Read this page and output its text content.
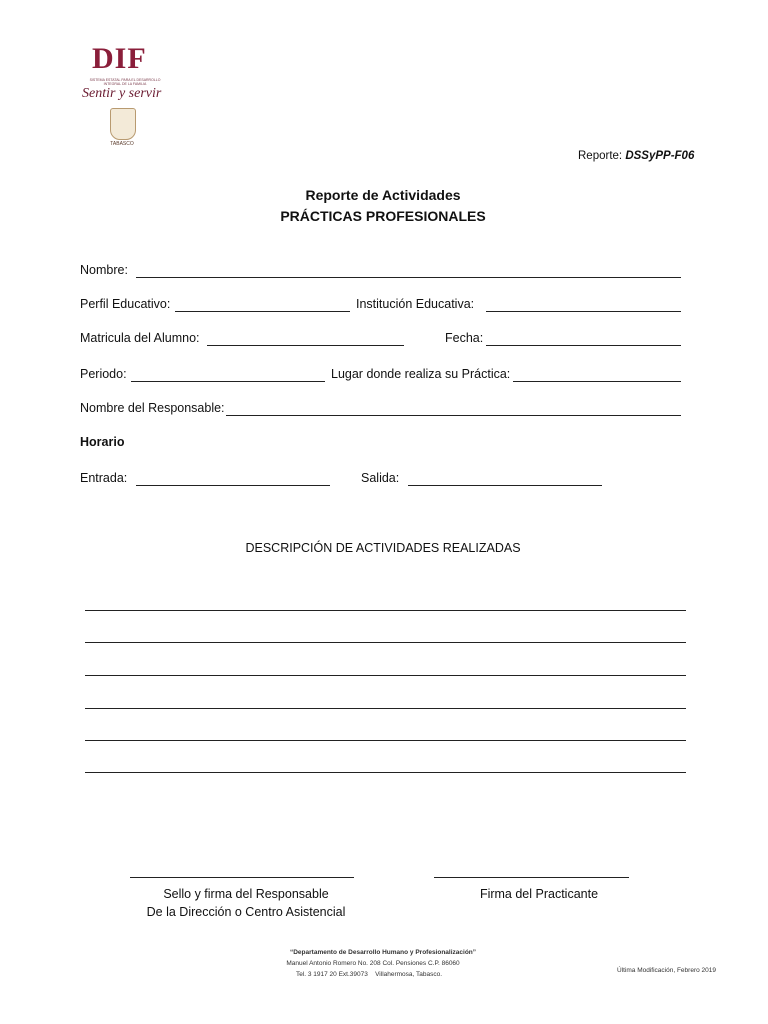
DIF
SISTEMA ESTATAL PARA EL DESARROLLO INTEGRAL DE LA FAMILIA
Sentir y servir
TABASCO
Reporte: DSSyPP-F06
Reporte de Actividades
PRÁCTICAS PROFESIONALES
Nombre:
Perfil Educativo:	Institución Educativa:
Matricula del Alumno:	Fecha:
Periodo:	Lugar donde realiza su Práctica:
Nombre del Responsable:
Horario
Entrada:	Salida:
DESCRIPCIÓN DE ACTIVIDADES REALIZADAS
Sello y firma del Responsable
De la Dirección o Centro Asistencial
Firma del Practicante
“Departamento de Desarrollo Humano y Profesionalización”
Manuel Antonio Romero No. 208 Col. Pensiones C.P. 86060
Tel. 3 1917 20 Ext.39073    Villahermosa, Tabasco.
Última Modificación, Febrero 2019
